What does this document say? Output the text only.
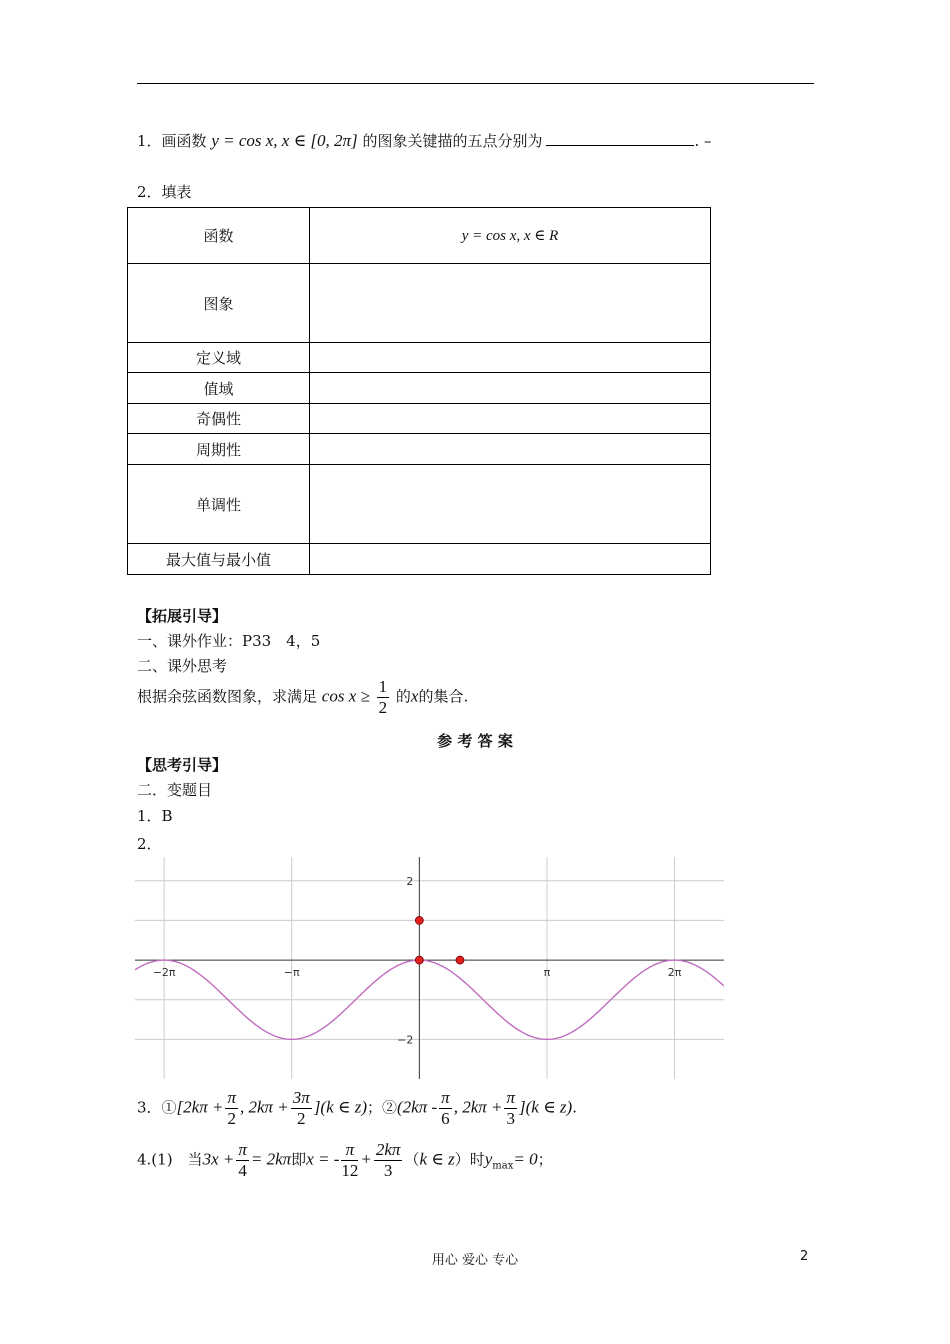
1．画函数 y = cos x, x ∈ [0, 2π] 的图象关键描的五点分别为	. –
2．填表
函数	y = cos x, x ∈ R
图象	
定义域	
值域	
奇偶性	
周期性	
单调性	
最大值与最小值	
【拓展引导】
一、课外作业：P33　4，5
二、课外思考
根据余弦函数图象，求满足 $\cos x \ge \frac{1}{2}$ 的x的集合.
参 考 答 案
【思考引导】
二．变题目
1．B
2．
−2π	−π	π	2π
2
−2
3．①[2kπ + $\frac{\pi}{2}$ , $2k\pi + \frac{3\pi}{2} ](k$ ∈ z)；②(2kπ - $\frac{\pi}{6}$ , $2k\pi + \frac{\pi}{3} ](k$ ∈ z).
4.(1)　当$3x + \frac{\pi}{4} = 2k\pi$即x = - $\frac{\pi}{12} + \frac{2k\pi}{3} (k$ ∈ z）时$y_{max}= 0$；
用心 爱心 专心	2
